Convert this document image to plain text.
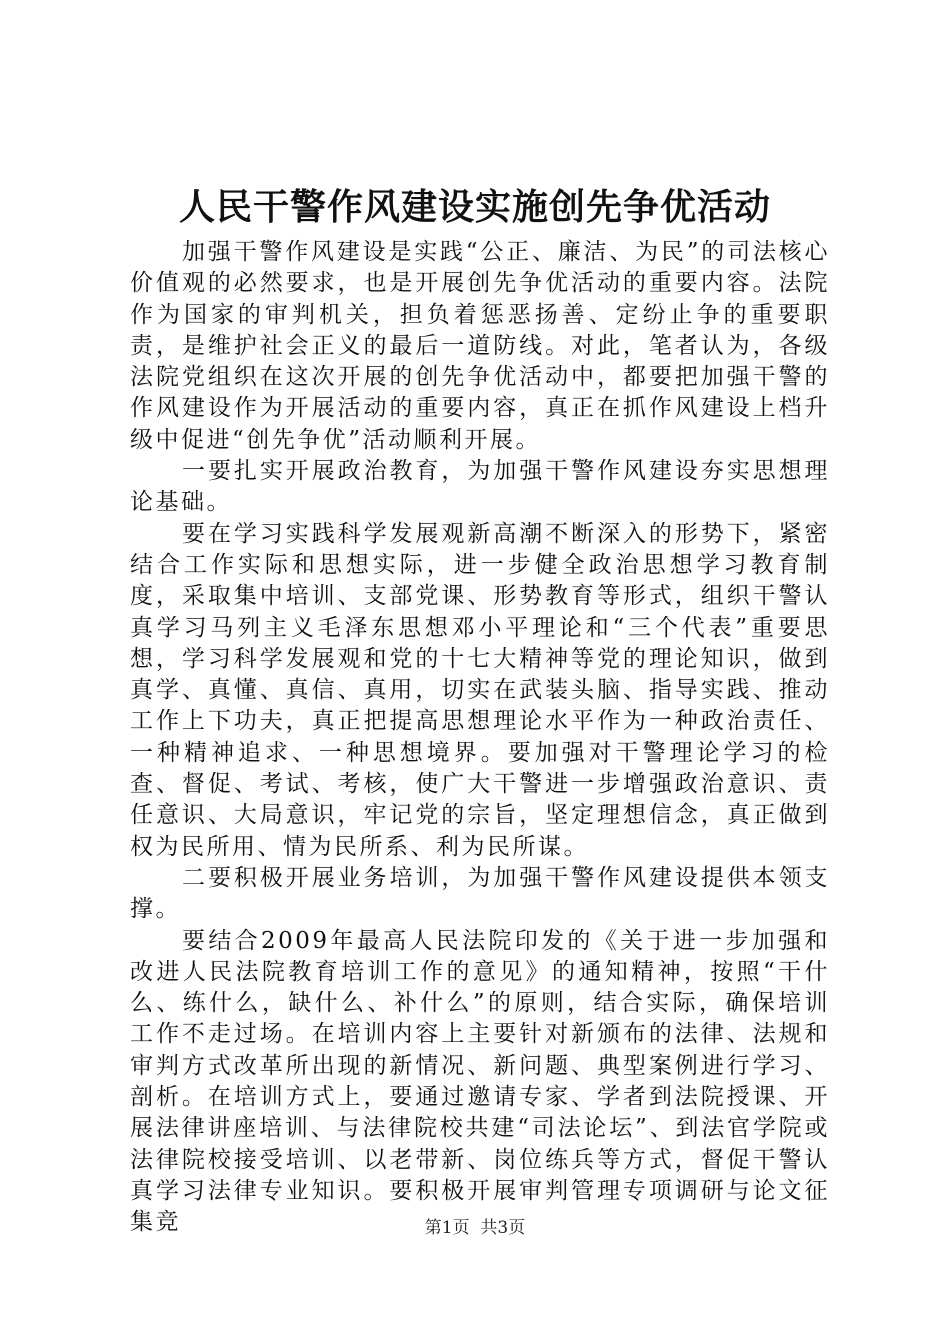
人民干警作风建设实施创先争优活动

加强干警作风建设是实践“公正、廉洁、为民”的司法核心价值观的必然要求，也是开展创先争优活动的重要内容。法院作为国家的审判机关，担负着惩恶扬善、定纷止争的重要职责，是维护社会正义的最后一道防线。对此，笔者认为，各级法院党组织在这次开展的创先争优活动中，都要把加强干警的作风建设作为开展活动的重要内容，真正在抓作风建设上档升级中促进“创先争优”活动顺利开展。

一要扎实开展政治教育，为加强干警作风建设夯实思想理论基础。

要在学习实践科学发展观新高潮不断深入的形势下，紧密结合工作实际和思想实际，进一步健全政治思想学习教育制度，采取集中培训、支部党课、形势教育等形式，组织干警认真学习马列主义毛泽东思想邓小平理论和“三个代表”重要思想，学习科学发展观和党的十七大精神等党的理论知识，做到真学、真懂、真信、真用，切实在武装头脑、指导实践、推动工作上下功夫，真正把提高思想理论水平作为一种政治责任、一种精神追求、一种思想境界。要加强对干警理论学习的检查、督促、考试、考核，使广大干警进一步增强政治意识、责任意识、大局意识，牢记党的宗旨，坚定理想信念，真正做到权为民所用、情为民所系、利为民所谋。

二要积极开展业务培训，为加强干警作风建设提供本领支撑。

要结合2009年最高人民法院印发的《关于进一步加强和改进人民法院教育培训工作的意见》的通知精神，按照“干什么、练什么，缺什么、补什么”的原则，结合实际，确保培训工作不走过场。在培训内容上主要针对新颁布的法律、法规和审判方式改革所出现的新情况、新问题、典型案例进行学习、剖析。在培训方式上，要通过邀请专家、学者到法院授课、开展法律讲座培训、与法律院校共建“司法论坛”、到法官学院或法律院校接受培训、以老带新、岗位练兵等方式，督促干警认真学习法律专业知识。要积极开展审判管理专项调研与论文征集竞	第1页  共3页
